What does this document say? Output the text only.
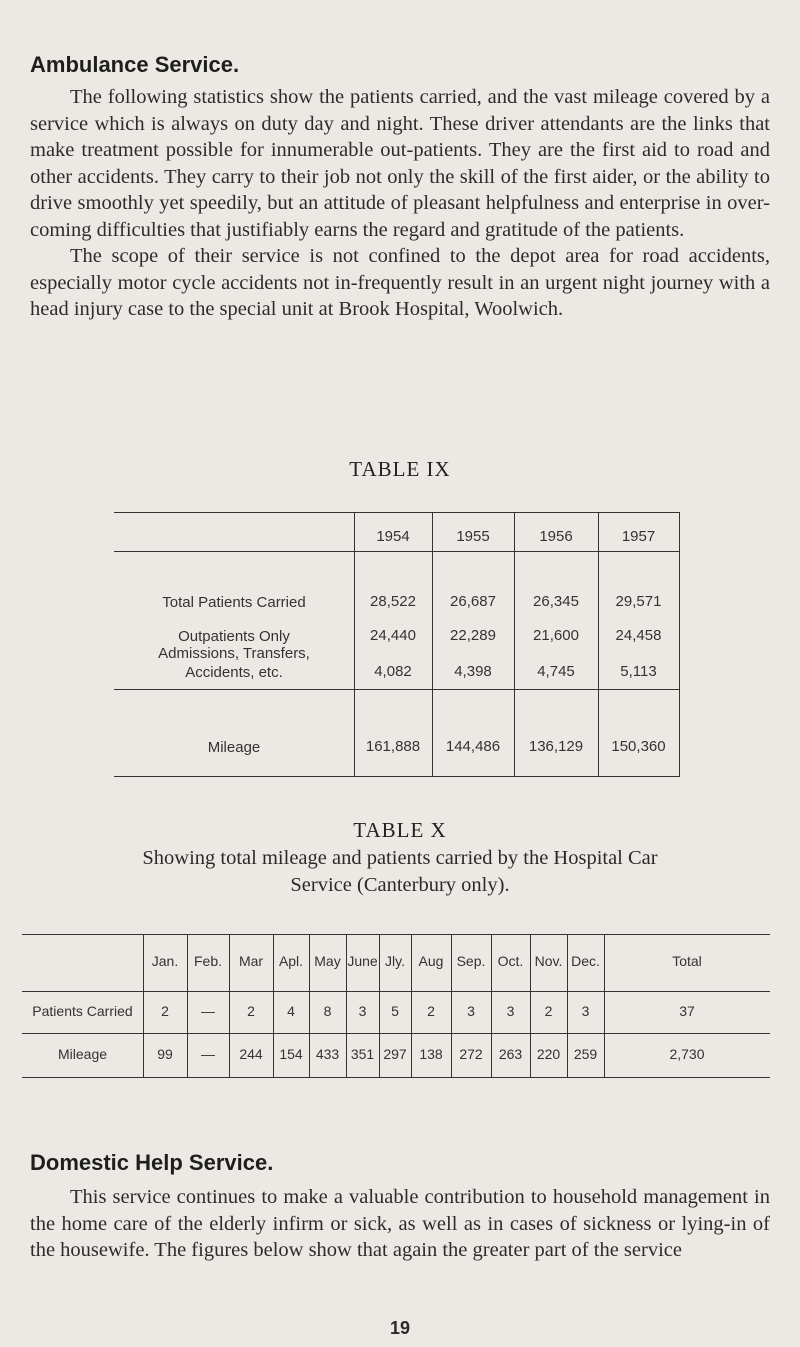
Ambulance Service.

The following statistics show the patients carried, and the vast mileage covered by a service which is always on duty day and night. These driver attendants are the links that make treatment possible for innumerable out-patients. They are the first aid to road and other accidents. They carry to their job not only the skill of the first aider, or the ability to drive smoothly yet speedily, but an attitude of pleasant helpfulness and enterprise in over-coming difficulties that justifiably earns the regard and gratitude of the patients.

The scope of their service is not confined to the depot area for road accidents, especially motor cycle accidents not in-frequently result in an urgent night journey with a head injury case to the special unit at Brook Hospital, Woolwich.

TABLE IX
1954	1955	1956	1957
Total Patients Carried	28,522	26,687	26,345	29,571
Outpatients Only	24,440	22,289	21,600	24,458
Admissions, Transfers,
Accidents, etc.	4,082	4,398	4,745	5,113
Mileage	161,888	144,486	136,129	150,360
TABLE X
Showing total mileage and patients carried by the Hospital Car
Service (Canterbury only).
Jan.	Feb.	Mar	Apl. May June Jly. Aug Sep. Oct. Nov. Dec.	Total
Patients Carried	2	—	2	4	8	3	5	2	3	3	2	3	37
Mileage	99	—	244	154 433 351 297 138	272	263	220 259	2,730
Domestic Help Service.

This service continues to make a valuable contribution to household management in the home care of the elderly infirm or sick, as well as in cases of sickness or lying-in of the housewife. The figures below show that again the greater part of the service

19
